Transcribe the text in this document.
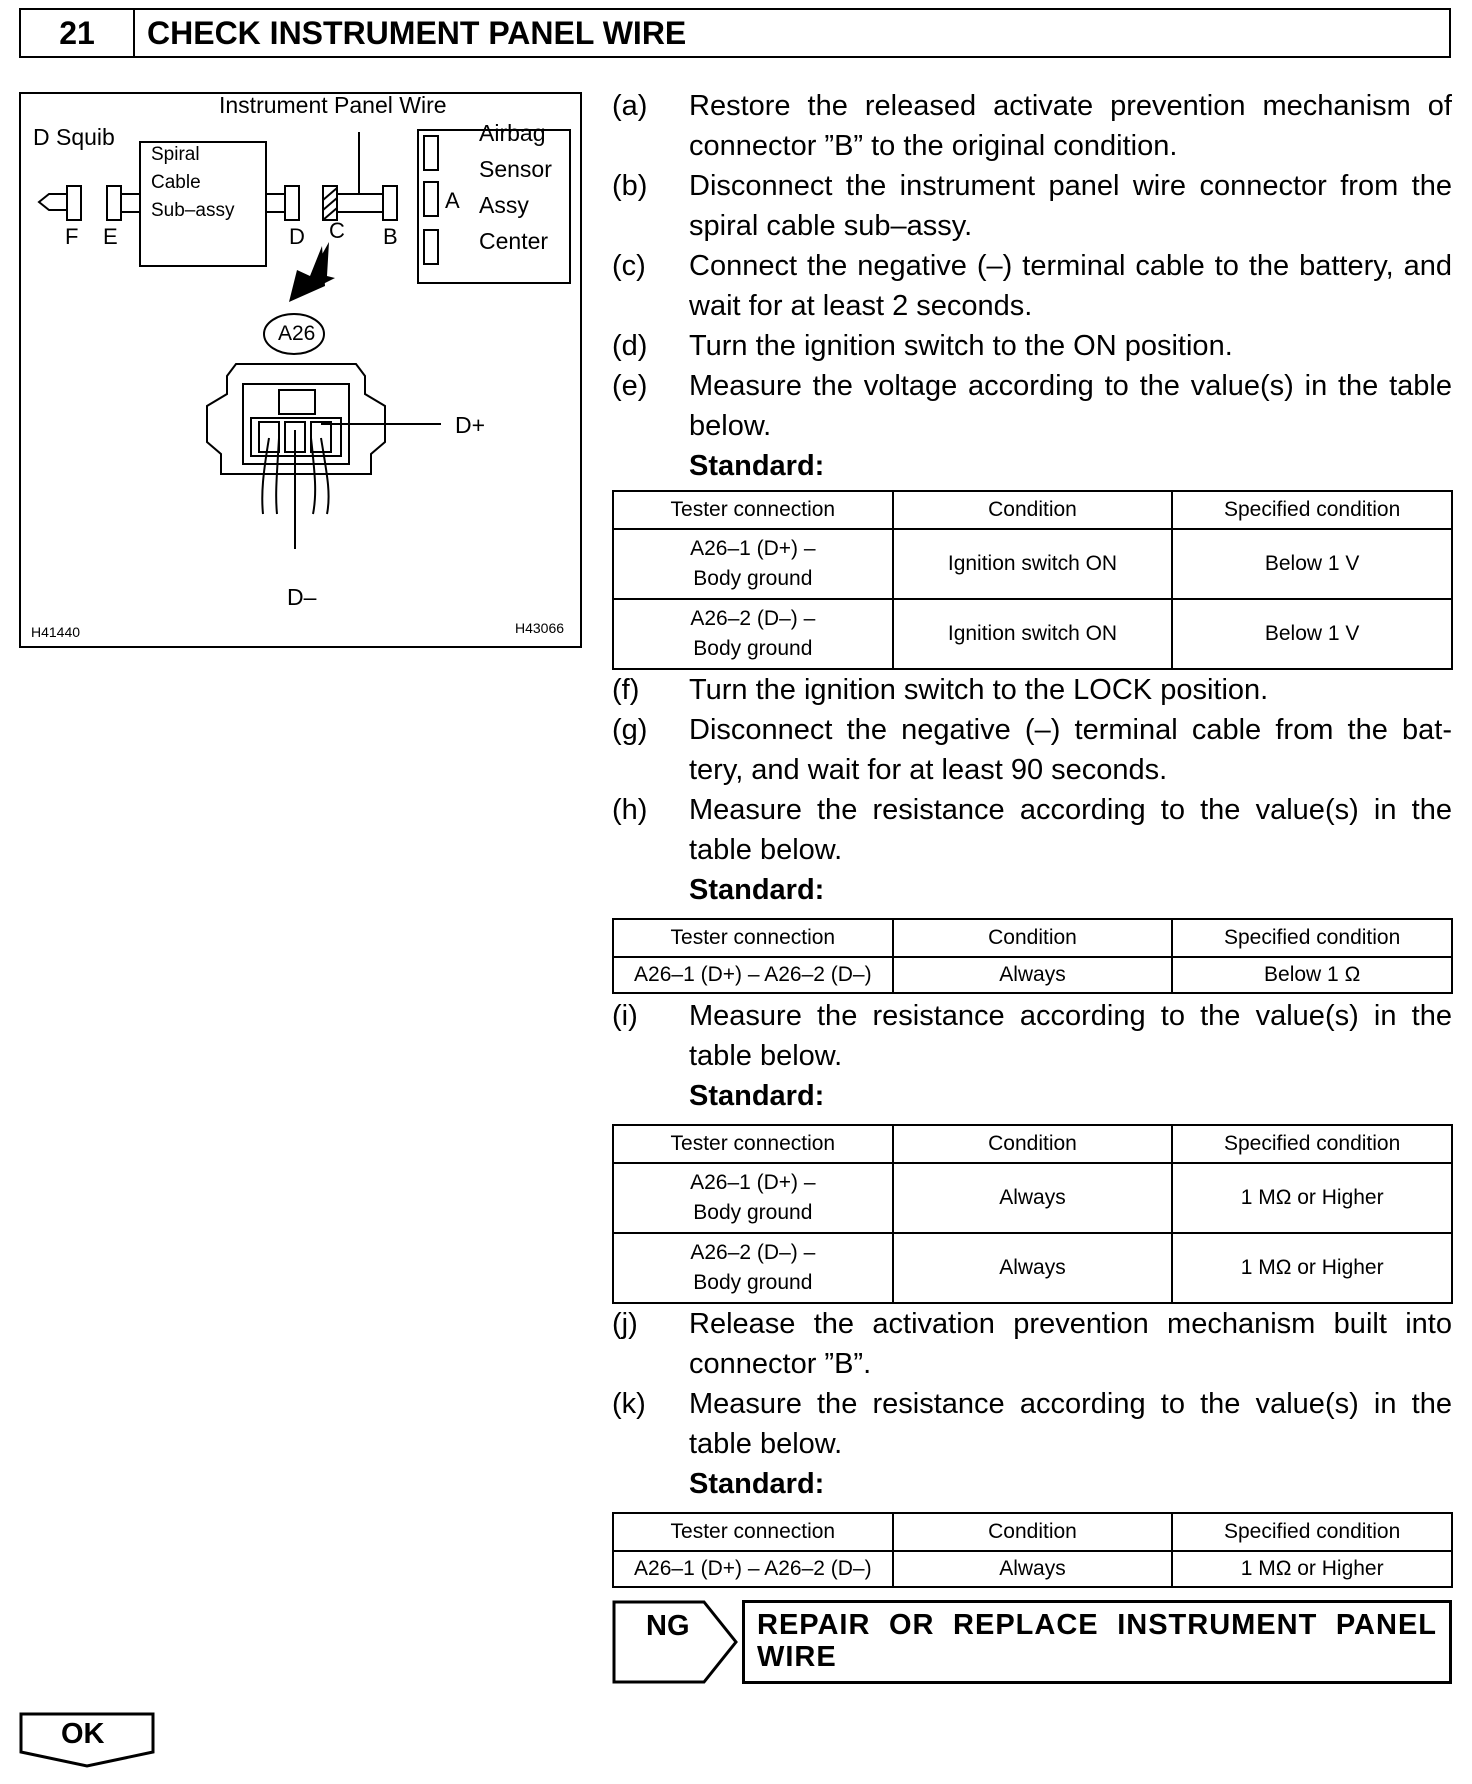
21	CHECK INSTRUMENT PANEL WIRE
Instrument Panel Wire
D Squib
Spiral
Cable
Sub–assy
Airbag
Sensor
Assy
Center
F E	D C B
A
A26
D+
D–
H41440	H43066
(a)	Restore the released activate prevention mechanism of connector ”B” to the original condition.
(b)	Disconnect the instrument panel wire connector from the spiral cable sub–assy.
(c)	Connect the negative (–) terminal cable to the battery, and wait for at least 2 seconds.
(d)	Turn the ignition switch to the ON position.
(e)	Measure the voltage according to the value(s) in the table below.
Standard:
Tester connection	Condition	Specified condition
A26–1 (D+) –
Body ground	Ignition switch ON	Below 1 V
A26–2 (D–) –
Body ground	Ignition switch ON	Below 1 V
(f)	Turn the ignition switch to the LOCK position.
(g)	Disconnect the negative (–) terminal cable from the bat- tery, and wait for at least 90 seconds.
(h)	Measure the resistance according to the value(s) in the table below.
Standard:
Tester connection	Condition	Specified condition
A26–1 (D+) – A26–2 (D–)	Always	Below 1 Ω
(i)	Measure the resistance according to the value(s) in the table below.
Standard:
Tester connection	Condition	Specified condition
A26–1 (D+) –
Body ground	Always	1 MΩ or Higher
A26–2 (D–) –
Body ground	Always	1 MΩ or Higher
(j)	Release the activation prevention mechanism built into connector ”B”.
(k)	Measure the resistance according to the value(s) in the table below.
Standard:
Tester connection	Condition	Specified condition
A26–1 (D+) – A26–2 (D–)	Always	1 MΩ or Higher
NG REPAIR OR REPLACE INSTRUMENT PANEL WIRE
OK
